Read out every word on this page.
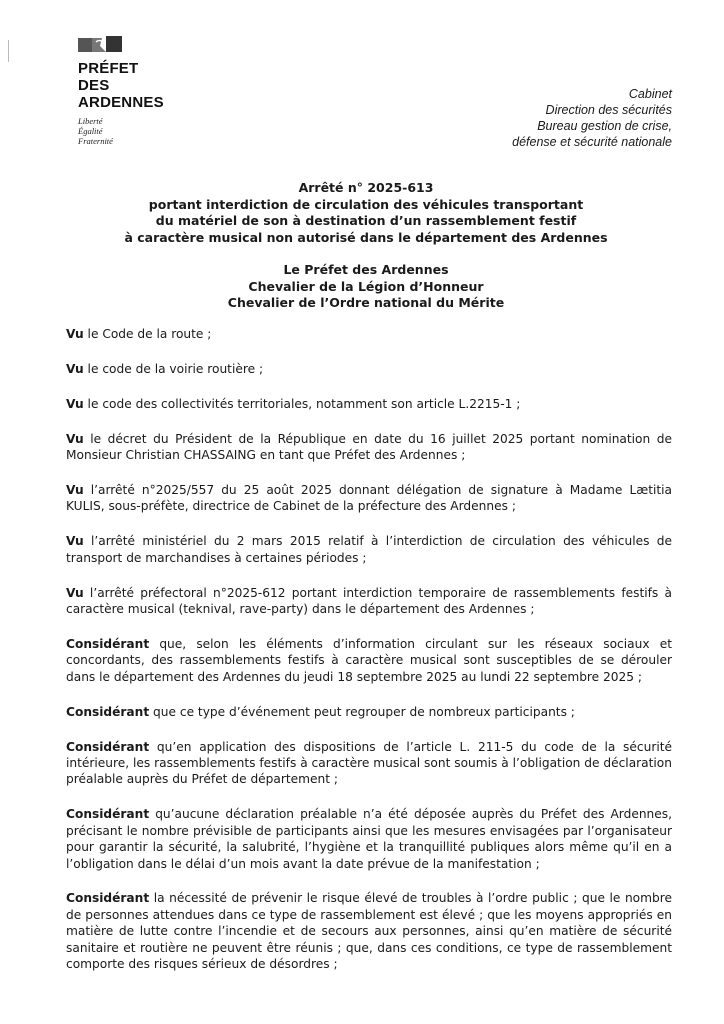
PRÉFET
DES ARDENNES
Liberté
Égalité
Fraternité
Cabinet
Direction des sécurités
Bureau gestion de crise,
défense et sécurité nationale
Arrêté n° 2025-613
portant interdiction de circulation des véhicules transportant
du matériel de son à destination d’un rassemblement festif
à caractère musical non autorisé dans le département des Ardennes
Le Préfet des Ardennes
Chevalier de la Légion d’Honneur
Chevalier de l’Ordre national du Mérite

Vu le Code de la route ;

Vu le code de la voirie routière ;

Vu le code des collectivités territoriales, notamment son article L.2215-1 ;

Vu le décret du Président de la République en date du 16 juillet 2025 portant nomination de Monsieur Christian CHASSAING en tant que Préfet des Ardennes ;

Vu l’arrêté n°2025/557 du 25 août 2025 donnant délégation de signature à Madame Lætitia KULIS, sous-préfète, directrice de Cabinet de la préfecture des Ardennes ;

Vu l’arrêté ministériel du 2 mars 2015 relatif à l’interdiction de circulation des véhicules de transport de marchandises à certaines périodes ;

Vu l’arrêté préfectoral n°2025-612 portant interdiction temporaire de rassemblements festifs à caractère musical (teknival, rave-party) dans le département des Ardennes ;

Considérant que, selon les éléments d’information circulant sur les réseaux sociaux et concordants, des rassemblements festifs à caractère musical sont susceptibles de se dérouler dans le département des Ardennes du jeudi 18 septembre 2025 au lundi 22 septembre 2025 ;

Considérant que ce type d’événement peut regrouper de nombreux participants ;

Considérant qu’en application des dispositions de l’article L. 211-5 du code de la sécurité intérieure, les rassemblements festifs à caractère musical sont soumis à l’obligation de déclaration préalable auprès du Préfet de département ;

Considérant qu’aucune déclaration préalable n’a été déposée auprès du Préfet des Ardennes, précisant le nombre prévisible de participants ainsi que les mesures envisagées par l’organisateur pour garantir la sécurité, la salubrité, l’hygiène et la tranquillité publiques alors même qu’il en a l’obligation dans le délai d’un mois avant la date prévue de la manifestation ;

Considérant la nécessité de prévenir le risque élevé de troubles à l’ordre public ; que le nombre de personnes attendues dans ce type de rassemblement est élevé ; que les moyens appropriés en matière de lutte contre l’incendie et de secours aux personnes, ainsi qu’en matière de sécurité sanitaire et routière ne peuvent être réunis ; que, dans ces conditions, ce type de rassemblement comporte des risques sérieux de désordres ;
